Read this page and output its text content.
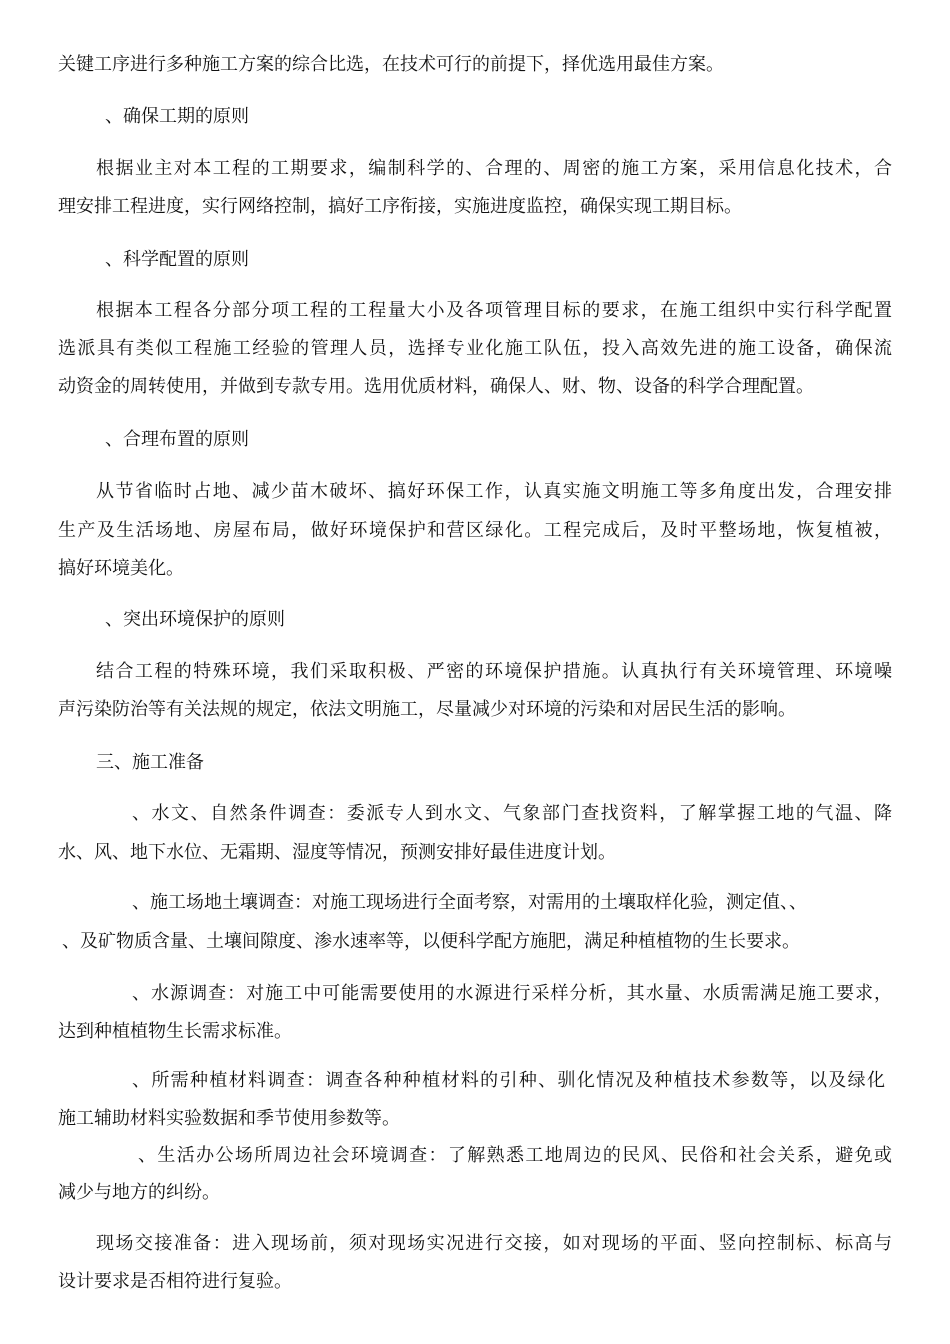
关键工序进行多种施工方案的综合比选，在技术可行的前提下，择优选用最佳方案。
、确保工期的原则
根据业主对本工程的工期要求，编制科学的、合理的、周密的施工方案，采用信息化技术，合
理安排工程进度，实行网络控制，搞好工序衔接，实施进度监控，确保实现工期目标。
、科学配置的原则
根据本工程各分部分项工程的工程量大小及各项管理目标的要求，在施工组织中实行科学配置
选派具有类似工程施工经验的管理人员，选择专业化施工队伍，投入高效先进的施工设备，确保流
动资金的周转使用，并做到专款专用。选用优质材料，确保人、财、物、设备的科学合理配置。
、合理布置的原则
从节省临时占地、减少苗木破坏、搞好环保工作，认真实施文明施工等多角度出发，合理安排
生产及生活场地、房屋布局，做好环境保护和营区绿化。工程完成后，及时平整场地，恢复植被，
搞好环境美化。
、突出环境保护的原则
结合工程的特殊环境，我们采取积极、严密的环境保护措施。认真执行有关环境管理、环境噪
声污染防治等有关法规的规定，依法文明施工，尽量减少对环境的污染和对居民生活的影响。
三、施工准备
、水文、自然条件调查：委派专人到水文、气象部门查找资料，了解掌握工地的气温、降
水、风、地下水位、无霜期、湿度等情况，预测安排好最佳进度计划。
、施工场地土壤调查：对施工现场进行全面考察，对需用的土壤取样化验，测定值、、
、及矿物质含量、土壤间隙度、渗水速率等，以便科学配方施肥，满足种植植物的生长要求。
、水源调查：对施工中可能需要使用的水源进行采样分析，其水量、水质需满足施工要求，
达到种植植物生长需求标准。
、所需种植材料调查：调查各种种植材料的引种、驯化情况及种植技术参数等，以及绿化
施工辅助材料实验数据和季节使用参数等。
、生活办公场所周边社会环境调查：了解熟悉工地周边的民风、民俗和社会关系，避免或
减少与地方的纠纷。
现场交接准备：进入现场前，须对现场实况进行交接，如对现场的平面、竖向控制标、标高与
设计要求是否相符进行复验。
